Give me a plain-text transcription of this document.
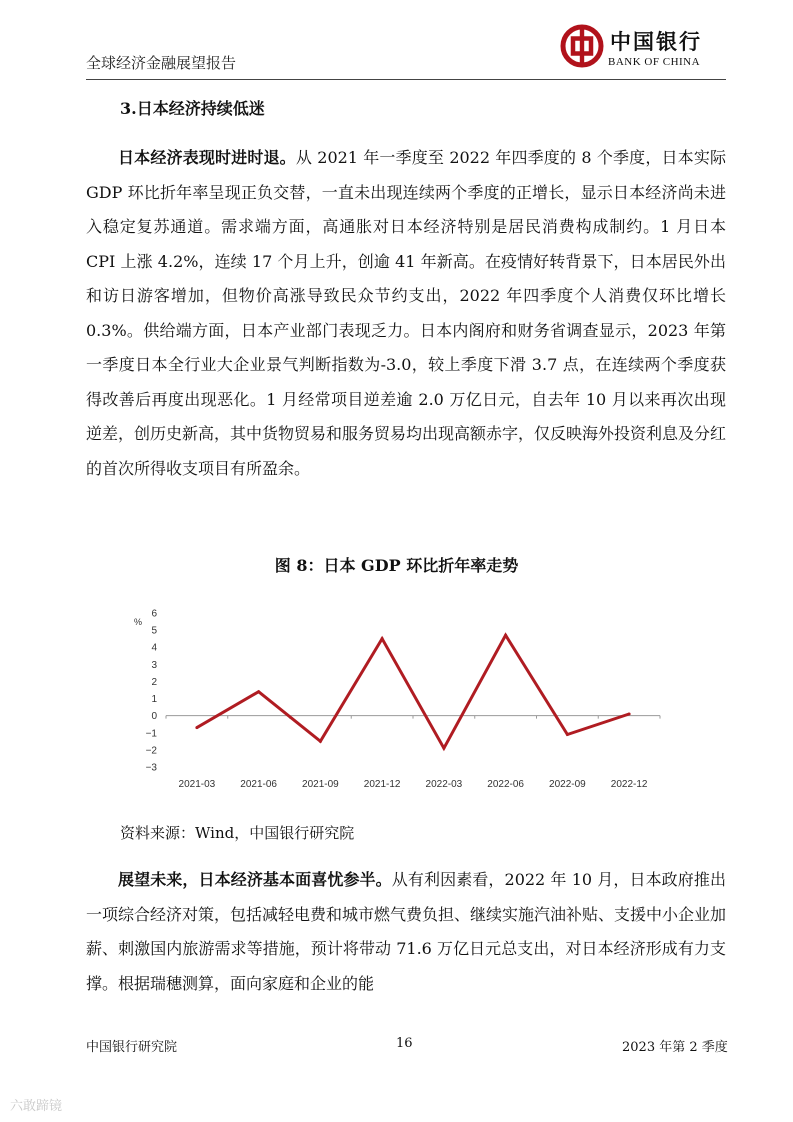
全球经济金融展望报告
中国银行
BANK OF CHINA
3.日本经济持续低迷

日本经济表现时进时退。从 2021 年一季度至 2022 年四季度的 8 个季度，日本实际 GDP 环比折年率呈现正负交替，一直未出现连续两个季度的正增长，显示日本经济尚未进入稳定复苏通道。需求端方面，高通胀对日本经济特别是居民消费构成制约。1 月日本 CPI 上涨 4.2%，连续 17 个月上升，创逾 41 年新高。在疫情好转背景下，日本居民外出和访日游客增加，但物价高涨导致民众节约支出，2022 年四季度个人消费仅环比增长 0.3%。供给端方面，日本产业部门表现乏力。日本内阁府和财务省调查显示，2023 年第一季度日本全行业大企业景气判断指数为-3.0，较上季度下滑 3.7 点，在连续两个季度获得改善后再度出现恶化。1 月经常项目逆差逾 2.0 万亿日元，自去年 10 月以来再次出现逆差，创历史新高，其中货物贸易和服务贸易均出现高额赤字，仅反映海外投资利息及分红的首次所得收支项目有所盈余。

图 8：日本 GDP 环比折年率走势
%
6
5
4
3
2
1
0
−1
−2
−3
2021-03	2021-06	2021-09	2021-12	2022-03	2022-06	2022-09	2022-12
资料来源：Wind，中国银行研究院

展望未来，日本经济基本面喜忧参半。从有利因素看，2022 年 10 月，日本政府推出一项综合经济对策，包括减轻电费和城市燃气费负担、继续实施汽油补贴、支援中小企业加薪、刺激国内旅游需求等措施，预计将带动 71.6 万亿日元总支出，对日本经济形成有力支撑。根据瑞穗测算，面向家庭和企业的能

中国银行研究院	16	2023 年第 2 季度
六敢蹄镜
